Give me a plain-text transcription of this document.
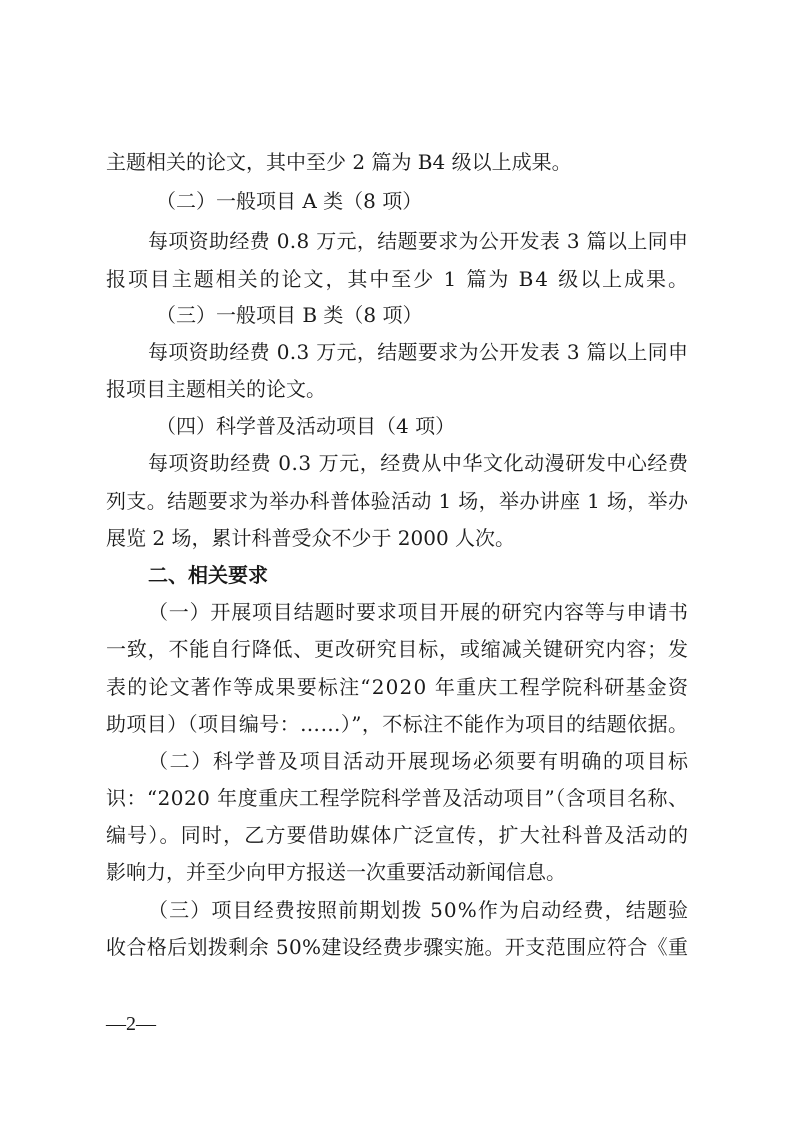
主题相关的论文，其中至少 2 篇为 B4 级以上成果。
（二）一般项目 A 类（8 项）
每项资助经费 0.8 万元，结题要求为公开发表 3 篇以上同申
报项目主题相关的论文，其中至少 1 篇为 B4 级以上成果。
（三）一般项目 B 类（8 项）
每项资助经费 0.3 万元，结题要求为公开发表 3 篇以上同申
报项目主题相关的论文。
（四）科学普及活动项目（4 项）
每项资助经费 0.3 万元，经费从中华文化动漫研发中心经费
列支。结题要求为举办科普体验活动 1 场，举办讲座 1 场，举办
展览 2 场，累计科普受众不少于 2000 人次。
二、相关要求
（一）开展项目结题时要求项目开展的研究内容等与申请书
一致，不能自行降低、更改研究目标，或缩减关键研究内容；发
表的论文著作等成果要标注“2020 年重庆工程学院科研基金资
助项目）（项目编号：……）”，不标注不能作为项目的结题依据。
（二）科学普及项目活动开展现场必须要有明确的项目标
识：“2020 年度重庆工程学院科学普及活动项目”（含项目名称、
编号）。同时，乙方要借助媒体广泛宣传，扩大社科普及活动的
影响力，并至少向甲方报送一次重要活动新闻信息。
（三）项目经费按照前期划拨 50%作为启动经费，结题验
收合格后划拨剩余 50%建设经费步骤实施。开支范围应符合《重
—2—
